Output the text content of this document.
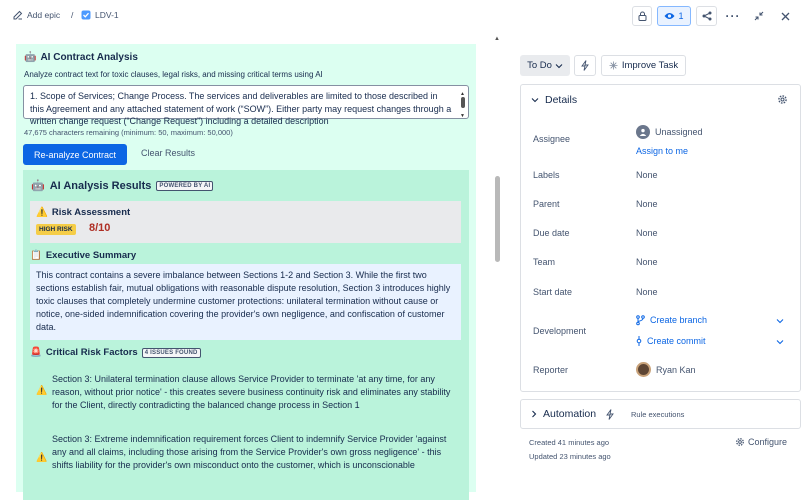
Add epic /	LDV-1	1	···
🤖 AI Contract Analysis
Analyze contract text for toxic clauses, legal risks, and missing critical terms using AI
1. Scope of Services; Change Process. The services and deliverables are limited to those described in this Agreement and any attached statement of work (“SOW”). Either party may request changes through a written change request (“Change Request”) including a detailed description
▲
▼
47,675 characters remaining (minimum: 50, maximum: 50,000)
Re-analyze Contract	Clear Results
🤖 AI Analysis Results	POWERED BY AI
⚠️ Risk Assessment
HIGH RISK 8/10
📋 Executive Summary
This contract contains a severe imbalance between Sections 1-2 and Section 3. While the first two sections establish fair, mutual obligations with reasonable dispute resolution, Section 3 introduces highly toxic clauses that completely undermine customer protections: unilateral termination without cause or notice, one-sided indemnification covering the provider's own negligence, and confiscation of customer data.
🚨 Critical Risk Factors	4 ISSUES FOUND
⚠️
Section 3: Unilateral termination clause allows Service Provider to terminate 'at any time, for any reason, without prior notice' - this creates severe business continuity risk and eliminates any stability for the Client, directly contradicting the balanced change process in Section 1
⚠️
Section 3: Extreme indemnification requirement forces Client to indemnify Service Provider 'against any and all claims, including those arising from the Service Provider's own gross negligence' - this shifts liability for the provider's own misconduct onto the customer, which is unconscionable
▲
To Do	Improve Task
Details
Assignee
Unassigned
Assign to me
Labels	None
Parent	None
Due date	None
Team	None
Start date	None
Development
Create branch
Create commit
Reporter	Ryan Kan
Automation	Rule executions
Created 41 minutes ago
Updated 23 minutes ago
Configure
